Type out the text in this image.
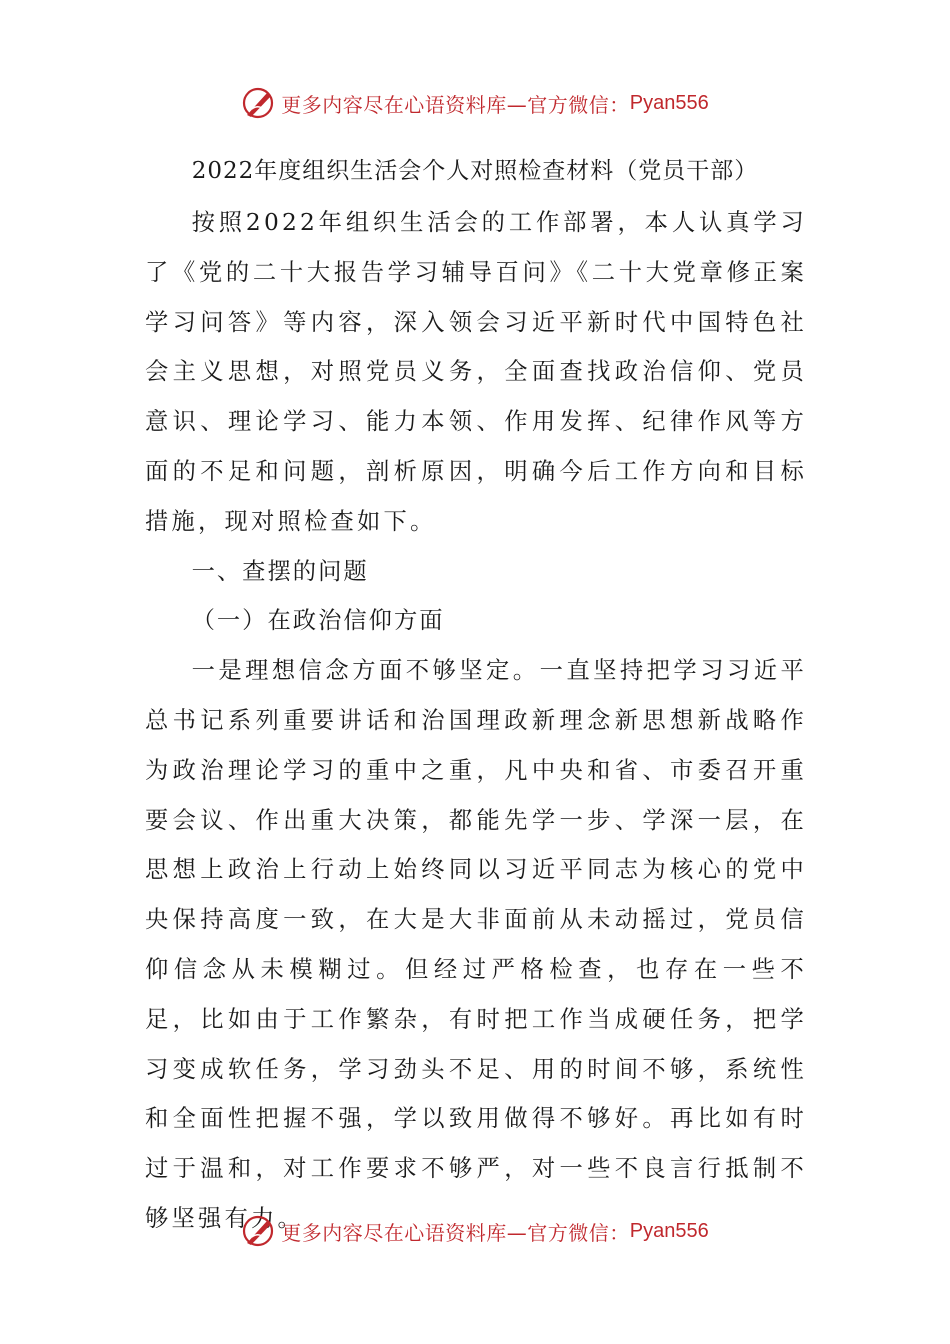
更多内容尽在心语资料库—官方微信： Pyan556
2022年度组织生活会个人对照检查材料（党员干部）

按照2022年组织生活会的工作部署，本人认真学习了《党的二十大报告学习辅导百问》《二十大党章修正案学习问答》等内容，深入领会习近平新时代中国特色社会主义思想，对照党员义务，全面查找政治信仰、党员意识、理论学习、能力本领、作用发挥、纪律作风等方面的不足和问题，剖析原因，明确今后工作方向和目标措施，现对照检查如下。

一、查摆的问题

（一）在政治信仰方面

一是理想信念方面不够坚定。一直坚持把学习习近平总书记系列重要讲话和治国理政新理念新思想新战略作为政治理论学习的重中之重，凡中央和省、市委召开重要会议、作出重大决策，都能先学一步、学深一层，在思想上政治上行动上始终同以习近平同志为核心的党中央保持高度一致，在大是大非面前从未动摇过，党员信仰信念从未模糊过。但经过严格检查，也存在一些不足，比如由于工作繁杂，有时把工作当成硬任务，把学习变成软任务，学习劲头不足、用的时间不够，系统性和全面性把握不强，学以致用做得不够好。再比如有时过于温和，对工作要求不够严，对一些不良言行抵制不够坚强有力。

更多内容尽在心语资料库—官方微信： Pyan556
